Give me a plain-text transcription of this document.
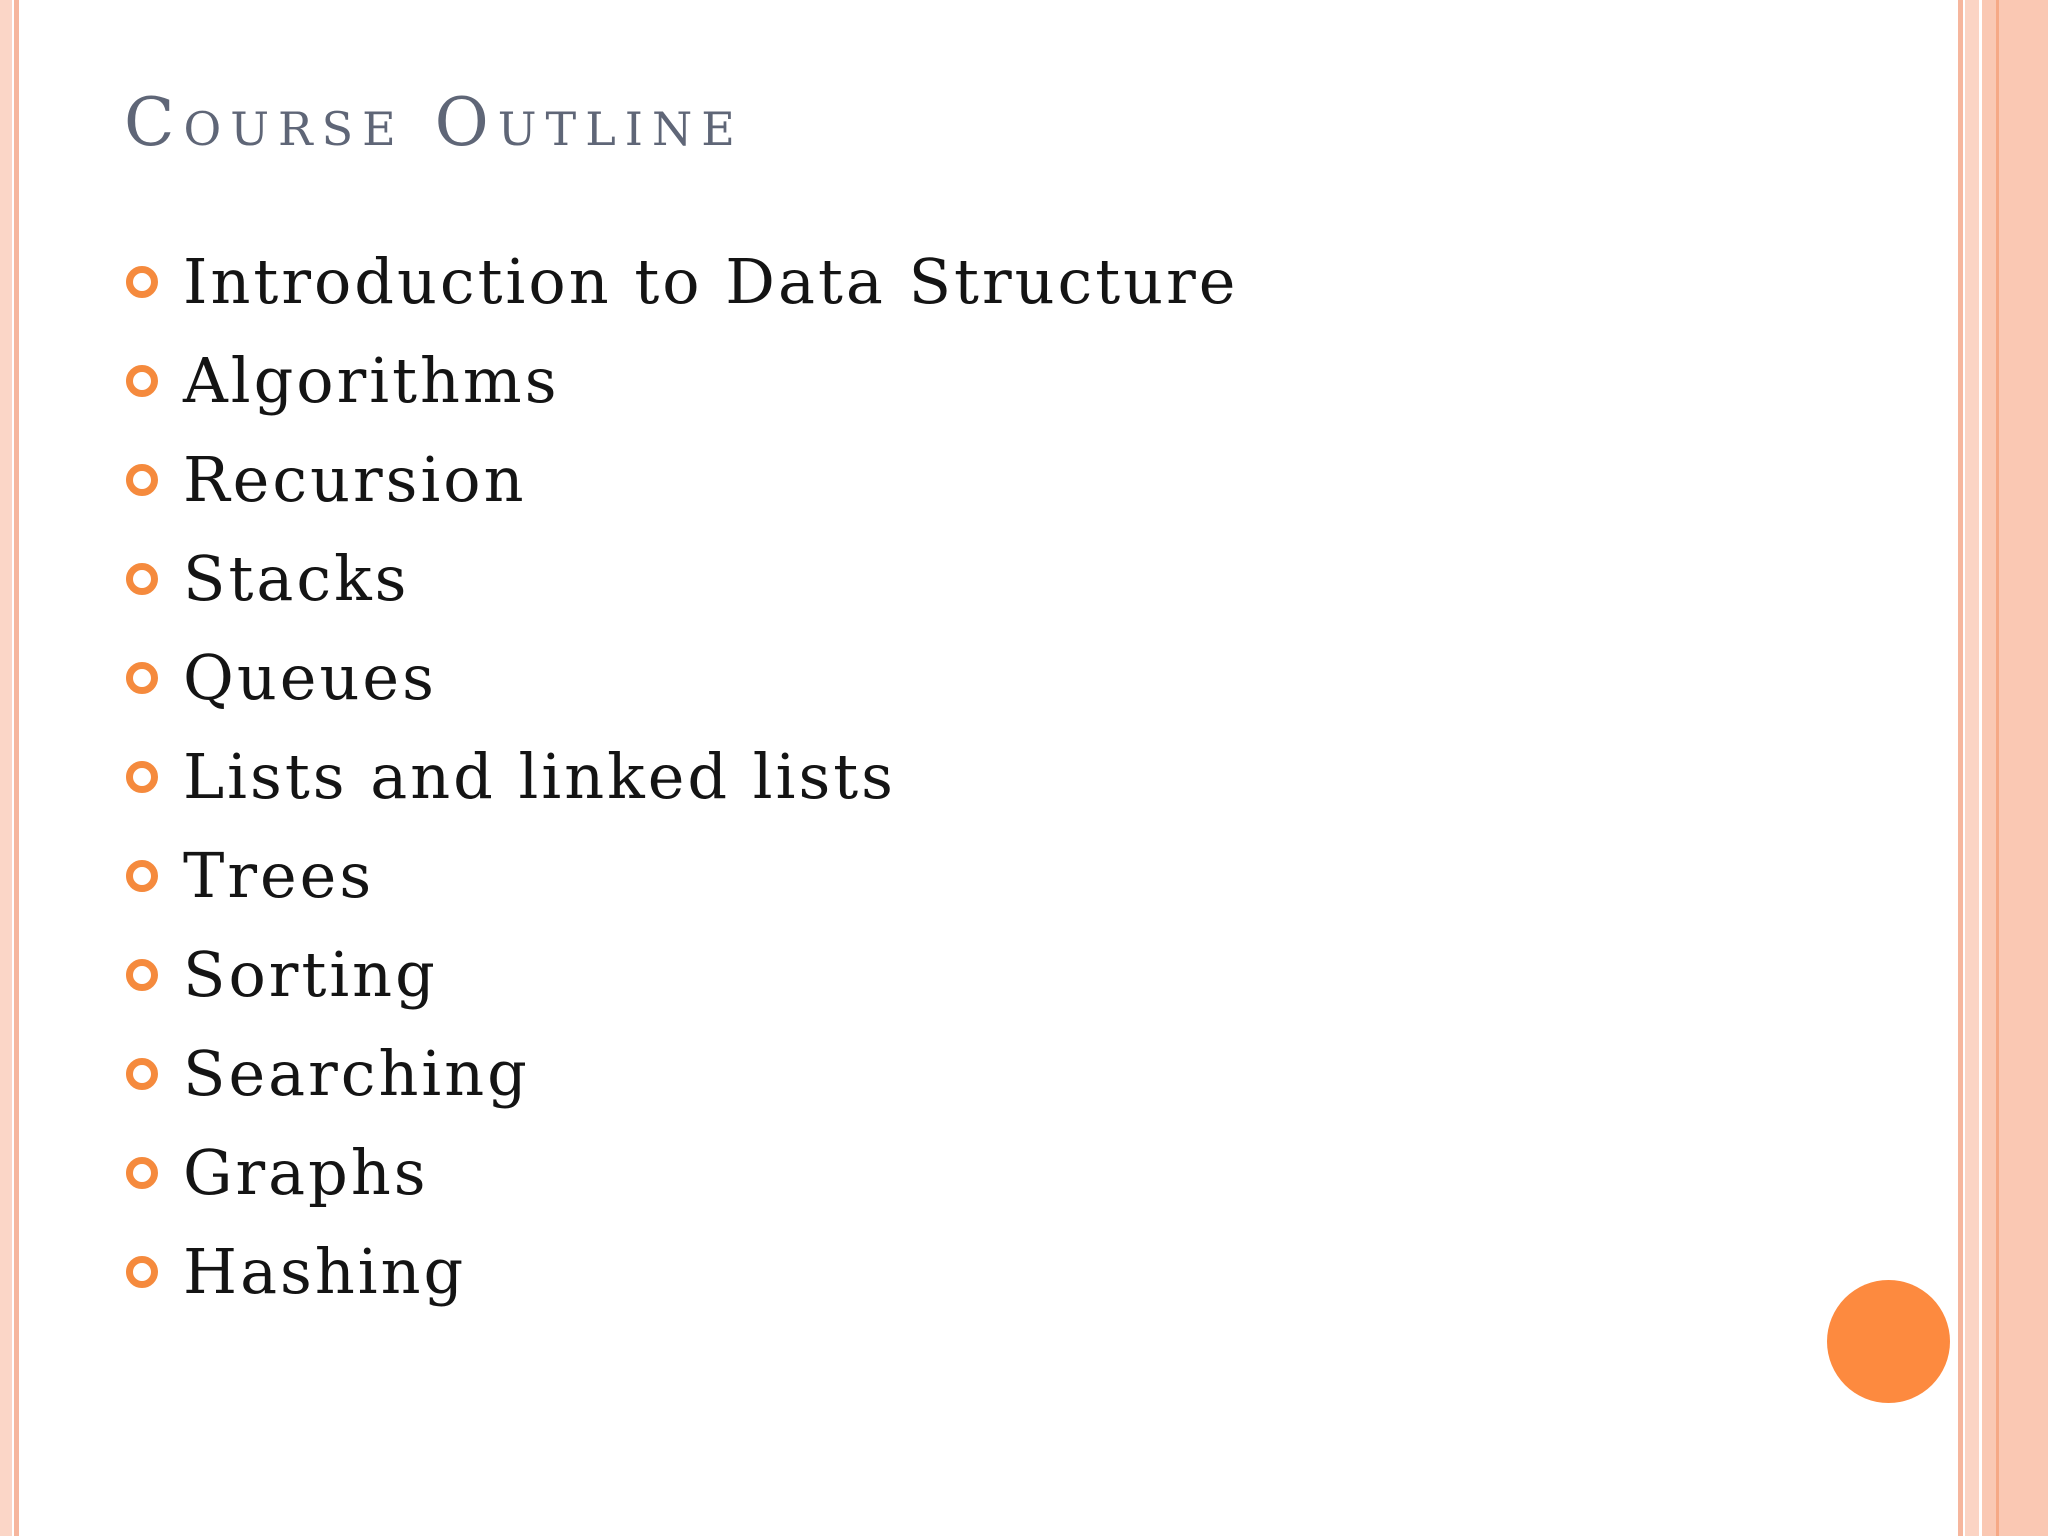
Course Outline
Introduction to Data Structure
Algorithms
Recursion
Stacks
Queues
Lists and linked lists
Trees
Sorting
Searching
Graphs
Hashing
